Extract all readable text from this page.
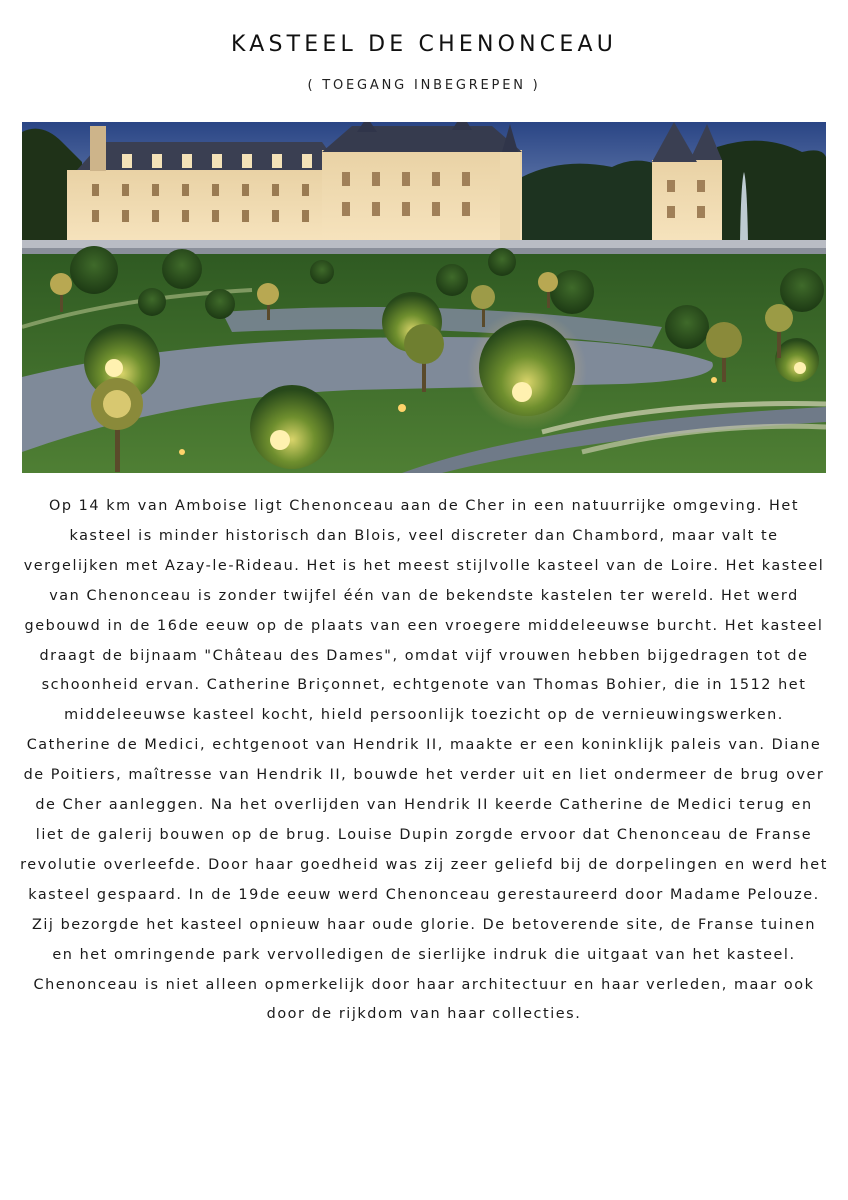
KASTEEL DE CHENONCEAU
( TOEGANG INBEGREPEN )

Op 14 km van Amboise ligt Chenonceau aan de Cher in een natuurrijke omgeving. Het kasteel is minder historisch dan Blois, veel discreter dan Chambord, maar valt te vergelijken met Azay-le-Rideau. Het is het meest stijlvolle kasteel van de Loire. Het kasteel van Chenonceau is zonder twijfel één van de bekendste kastelen ter wereld. Het werd gebouwd in de 16de eeuw op de plaats van een vroegere middeleeuwse burcht. Het kasteel draagt de bijnaam "Château des Dames", omdat vijf vrouwen hebben bijgedragen tot de schoonheid ervan. Catherine Briçonnet, echtgenote van Thomas Bohier, die in 1512 het middeleeuwse kasteel kocht, hield persoonlijk toezicht op de vernieuwingswerken. Catherine de Medici, echtgenoot van Hendrik II, maakte er een koninklijk paleis van. Diane de Poitiers, maîtresse van Hendrik II, bouwde het verder uit en liet ondermeer de brug over de Cher aanleggen. Na het overlijden van Hendrik II keerde Catherine de Medici terug en liet de galerij bouwen op de brug. Louise Dupin zorgde ervoor dat Chenonceau de Franse revolutie overleefde. Door haar goedheid was zij zeer geliefd bij de dorpelingen en werd het kasteel gespaard. In de 19de eeuw werd Chenonceau gerestaureerd door Madame Pelouze. Zij bezorgde het kasteel opnieuw haar oude glorie. De betoverende site, de Franse tuinen en het omringende park vervolledigen de sierlijke indruk die uitgaat van het kasteel. Chenonceau is niet alleen opmerkelijk door haar architectuur en haar verleden, maar ook door de rijkdom van haar collecties.
